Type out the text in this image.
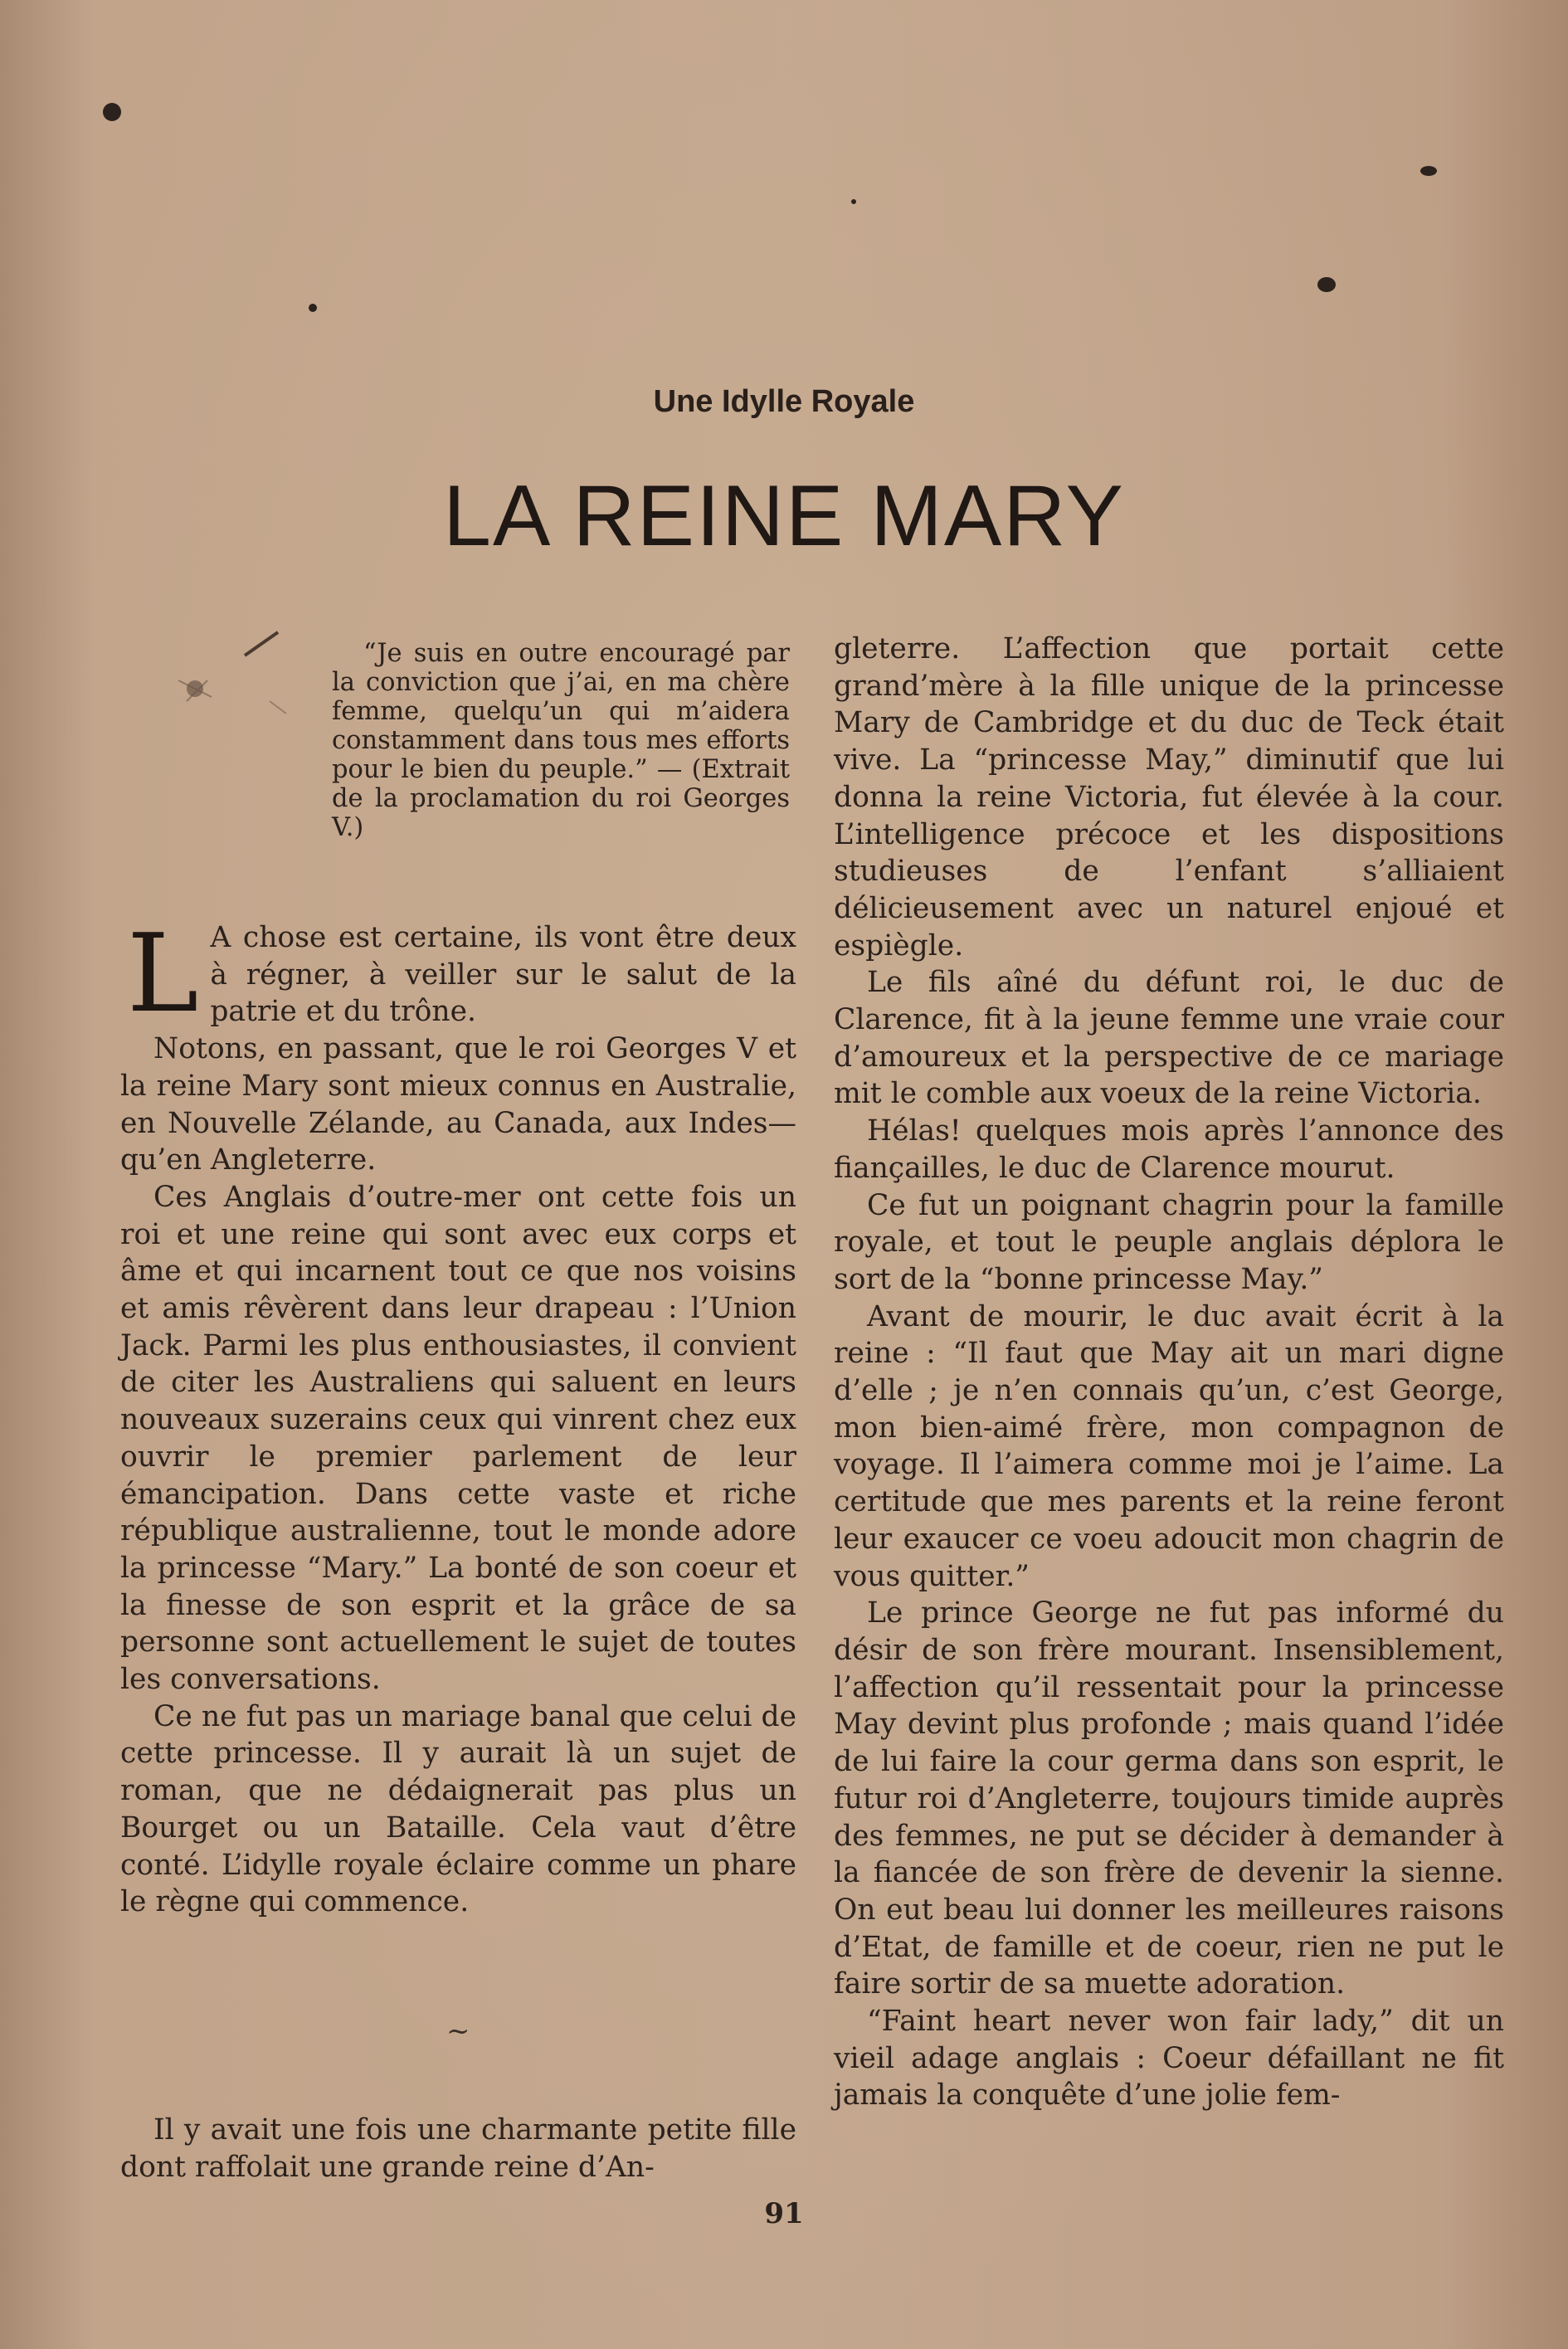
Une Idylle Royale
LA REINE MARY
“Je suis en outre encouragé par la conviction que j’ai, en ma chère femme, quelqu’un qui m’aidera constamment dans tous mes efforts pour le bien du peuple.” — (Extrait de la proclamation du roi Georges V.)

L A chose est certaine, ils vont être deux à régner, à veiller sur le salut de la patrie et du trône.

Notons, en passant, que le roi Georges V et la reine Mary sont mieux connus en Australie, en Nouvelle Zélande, au Canada, aux Indes—qu’en Angleterre.

Ces Anglais d’outre-mer ont cette fois un roi et une reine qui sont avec eux corps et âme et qui incarnent tout ce que nos voisins et amis rêvèrent dans leur drapeau : l’Union Jack. Parmi les plus enthousiastes, il convient de citer les Australiens qui saluent en leurs nouveaux suzerains ceux qui vinrent chez eux ouvrir le premier parlement de leur émancipation. Dans cette vaste et riche république australienne, tout le monde adore la princesse “Mary.” La bonté de son coeur et la finesse de son esprit et la grâce de sa personne sont actuellement le sujet de toutes les conversations.

Ce ne fut pas un mariage banal que celui de cette princesse. Il y aurait là un sujet de roman, que ne dédaignerait pas plus un Bourget ou un Bataille. Cela vaut d’être conté. L’idylle royale éclaire comme un phare le règne qui commence.

~

Il y avait une fois une charmante petite fille dont raffolait une grande reine d’An-

gleterre. L’affection que portait cette grand’mère à la fille unique de la princesse Mary de Cambridge et du duc de Teck était vive. La “princesse May,” diminutif que lui donna la reine Victoria, fut élevée à la cour. L’intelligence précoce et les dispositions studieuses de l’enfant s’alliaient délicieusement avec un naturel enjoué et espiègle.

Le fils aîné du défunt roi, le duc de Clarence, fit à la jeune femme une vraie cour d’amoureux et la perspective de ce mariage mit le comble aux voeux de la reine Victoria.

Hélas! quelques mois après l’annonce des fiançailles, le duc de Clarence mourut.

Ce fut un poignant chagrin pour la famille royale, et tout le peuple anglais déplora le sort de la “bonne princesse May.”

Avant de mourir, le duc avait écrit à la reine : “Il faut que May ait un mari digne d’elle ; je n’en connais qu’un, c’est George, mon bien-aimé frère, mon compagnon de voyage. Il l’aimera comme moi je l’aime. La certitude que mes parents et la reine feront leur exaucer ce voeu adoucit mon chagrin de vous quitter.”

Le prince George ne fut pas informé du désir de son frère mourant. Insensiblement, l’affection qu’il ressentait pour la princesse May devint plus profonde ; mais quand l’idée de lui faire la cour germa dans son esprit, le futur roi d’Angleterre, toujours timide auprès des femmes, ne put se décider à demander à la fiancée de son frère de devenir la sienne. On eut beau lui donner les meilleures raisons d’Etat, de famille et de coeur, rien ne put le faire sortir de sa muette adoration.

“Faint heart never won fair lady,” dit un vieil adage anglais : Coeur défaillant ne fit jamais la conquête d’une jolie fem-

91
